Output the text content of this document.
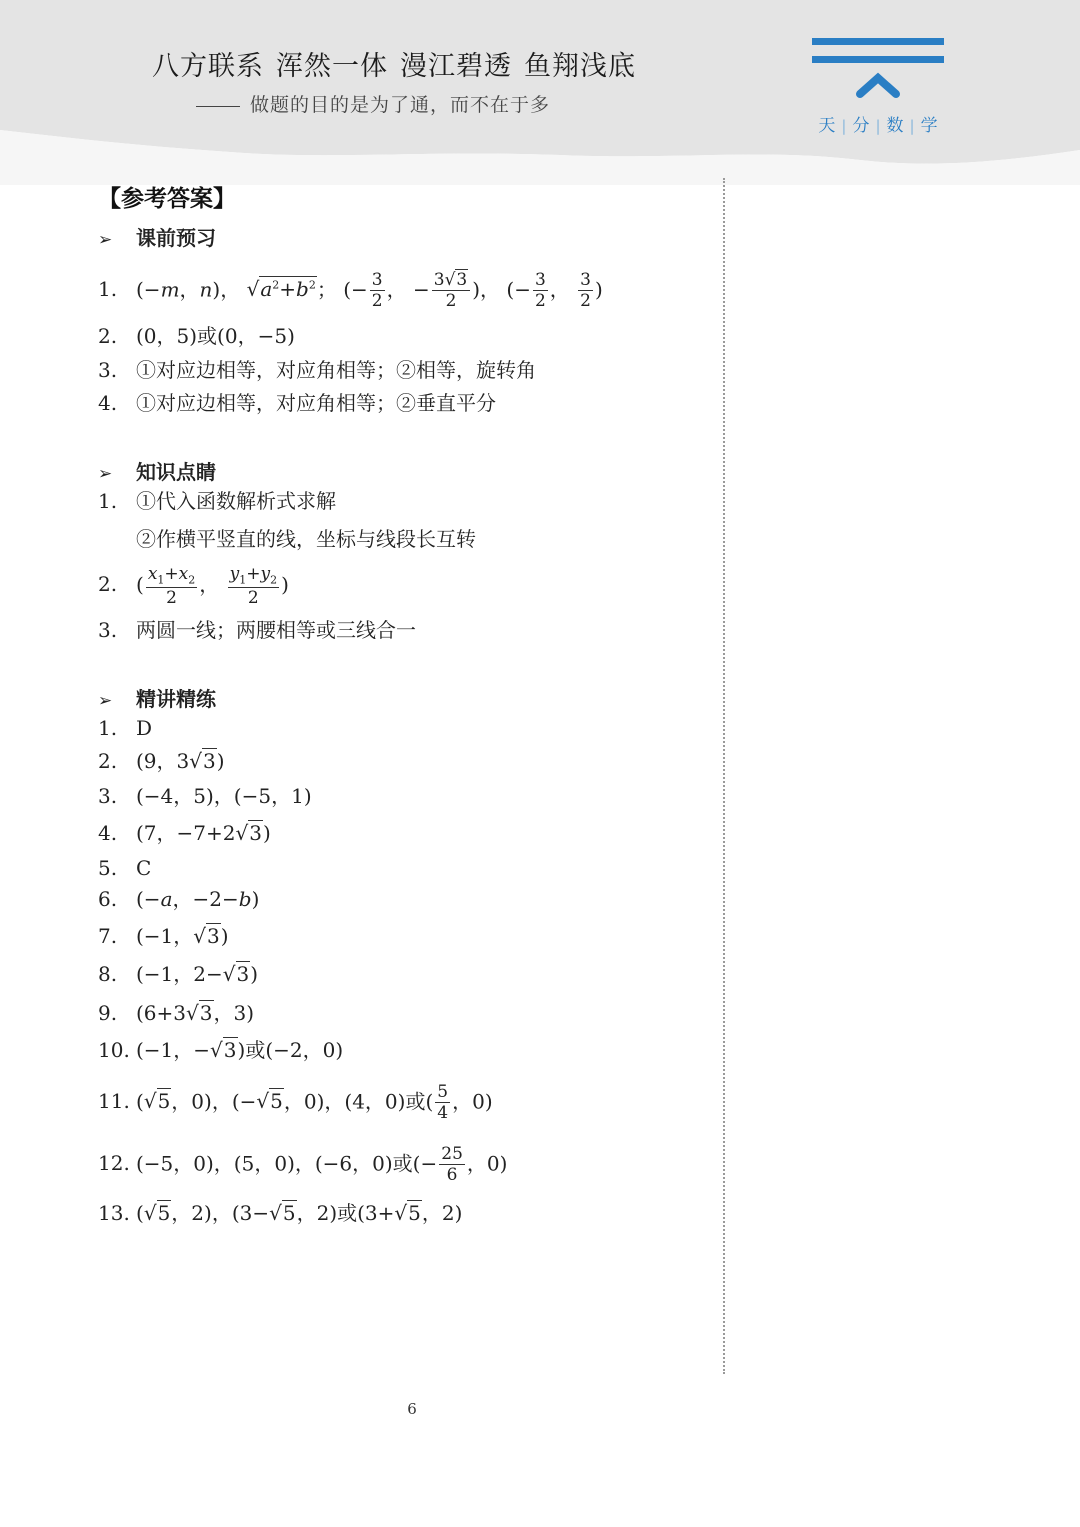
八方联系 浑然一体 漫江碧透 鱼翔浅底
做题的目的是为了通，而不在于多
天 | 分 | 数 | 学
【参考答案】
➢ 课前预习
1. (−m，n)， $√a^2+b^2$； (− $\frac{3}{2}$ ， − $\frac{3√3}{2}$ )， (− $\frac{3}{2}$ ， $\frac{3}{2}$ )
2. (0，5)或(0，−5)
3. ①对应边相等，对应角相等；②相等，旋转角
4. ①对应边相等，对应角相等；②垂直平分
➢ 知识点睛
1. ①代入函数解析式求解
②作横平竖直的线，坐标与线段长互转
2. ( $\frac{x_1+x_2}{2}$ ， $\frac{y_1+y_2}{2}$ )
3. 两圆一线；两腰相等或三线合一
➢ 精讲精练
1. D
2. (9，3√3)
3. (−4，5)，(−5，1)
4. (7，−7+2√3)
5. C
6. (−a，−2−b)
7. (−1，√3)
8. (−1，2−√3)
9. (6+3√3，3)
10. (−1，−√3)或(−2，0)
11. (√5，0)，(−√5，0)，(4，0)或( $\frac{5}{4}$ ，0)
12. (−5，0)，(5，0)，(−6，0)或(− $\frac{25}{6}$ ，0)
13. (√5，2)，(3−√5，2)或(3+√5，2)
6
